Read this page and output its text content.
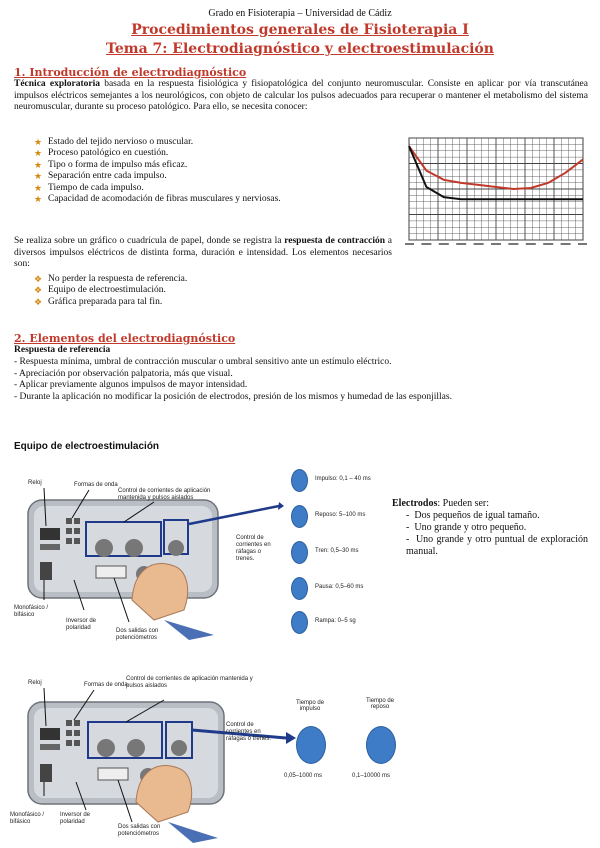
Grado en Fisioterapia – Universidad de Cádiz
Procedimientos generales de Fisioterapia I
Tema 7: Electrodiagnóstico y electroestimulación
1. Introducción de electrodiagnóstico
Técnica exploratoria basada en la respuesta fisiológica y fisiopatológica del conjunto neuromuscular. Consiste en aplicar por vía transcutánea impulsos eléctricos semejantes a los neurológicos, con objeto de calcular los pulsos adecuados para recuperar o mantener el metabolismo del sistema neuromuscular, durante su proceso patológico. Para ello, se necesita conocer:
★ Estado del tejido nervioso o muscular.
★ Proceso patológico en cuestión.
★ Tipo o forma de impulso más eficaz.
★ Separación entre cada impulso.
★ Tiempo de cada impulso.
★ Capacidad de acomodación de fibras musculares y nerviosas.
Se realiza sobre un gráfico o cuadrícula de papel, donde se registra la respuesta de contracción a diversos impulsos eléctricos de distinta forma, duración e intensidad. Los elementos necesarios son:
❖ No perder la respuesta de referencia.
❖ Equipo de electroestimulación.
❖ Gráfica preparada para tal fin.
2. Elementos del electrodiagnóstico
Respuesta de referencia
- Respuesta mínima, umbral de contracción muscular o umbral sensitivo ante un estímulo eléctrico.
- Apreciación por observación palpatoria, más que visual.
- Aplicar previamente algunos impulsos de mayor intensidad.
- Durante la aplicación no modificar la posición de electrodos, presión de los mismos y humedad de las esponjillas.
Equipo de electroestimulación
Reloj	Formas de onda
Control de corrientes de aplicación mantenida y pulsos aislados
Control de corrientes en ráfagas o trenes.
Monofásico / bifásico
Inversor de polaridad	Dos salidas con potenciómetros
Impulso: 0,1 – 40 ms
Reposo: 5–100 ms
Tren: 0,5–30 ms
Pausa: 0,5–60 ms
Rampa: 0–5 sg
Electrodos: Pueden ser:
-  Dos pequeños de igual tamaño.
-  Uno grande y otro pequeño.
-  Uno grande y otro puntual de exploración manual.
Reloj	Formas de onda
Control de corrientes de aplicación mantenida y pulsos aislados
Control de corrientes en ráfagas o trenes.
Monofásico / bifásico
Inversor de polaridad
Dos salidas con potenciómetros
Tiempo de impulso
0,05–1000 ms
Tiempo de reposo
0,1–10000 ms
